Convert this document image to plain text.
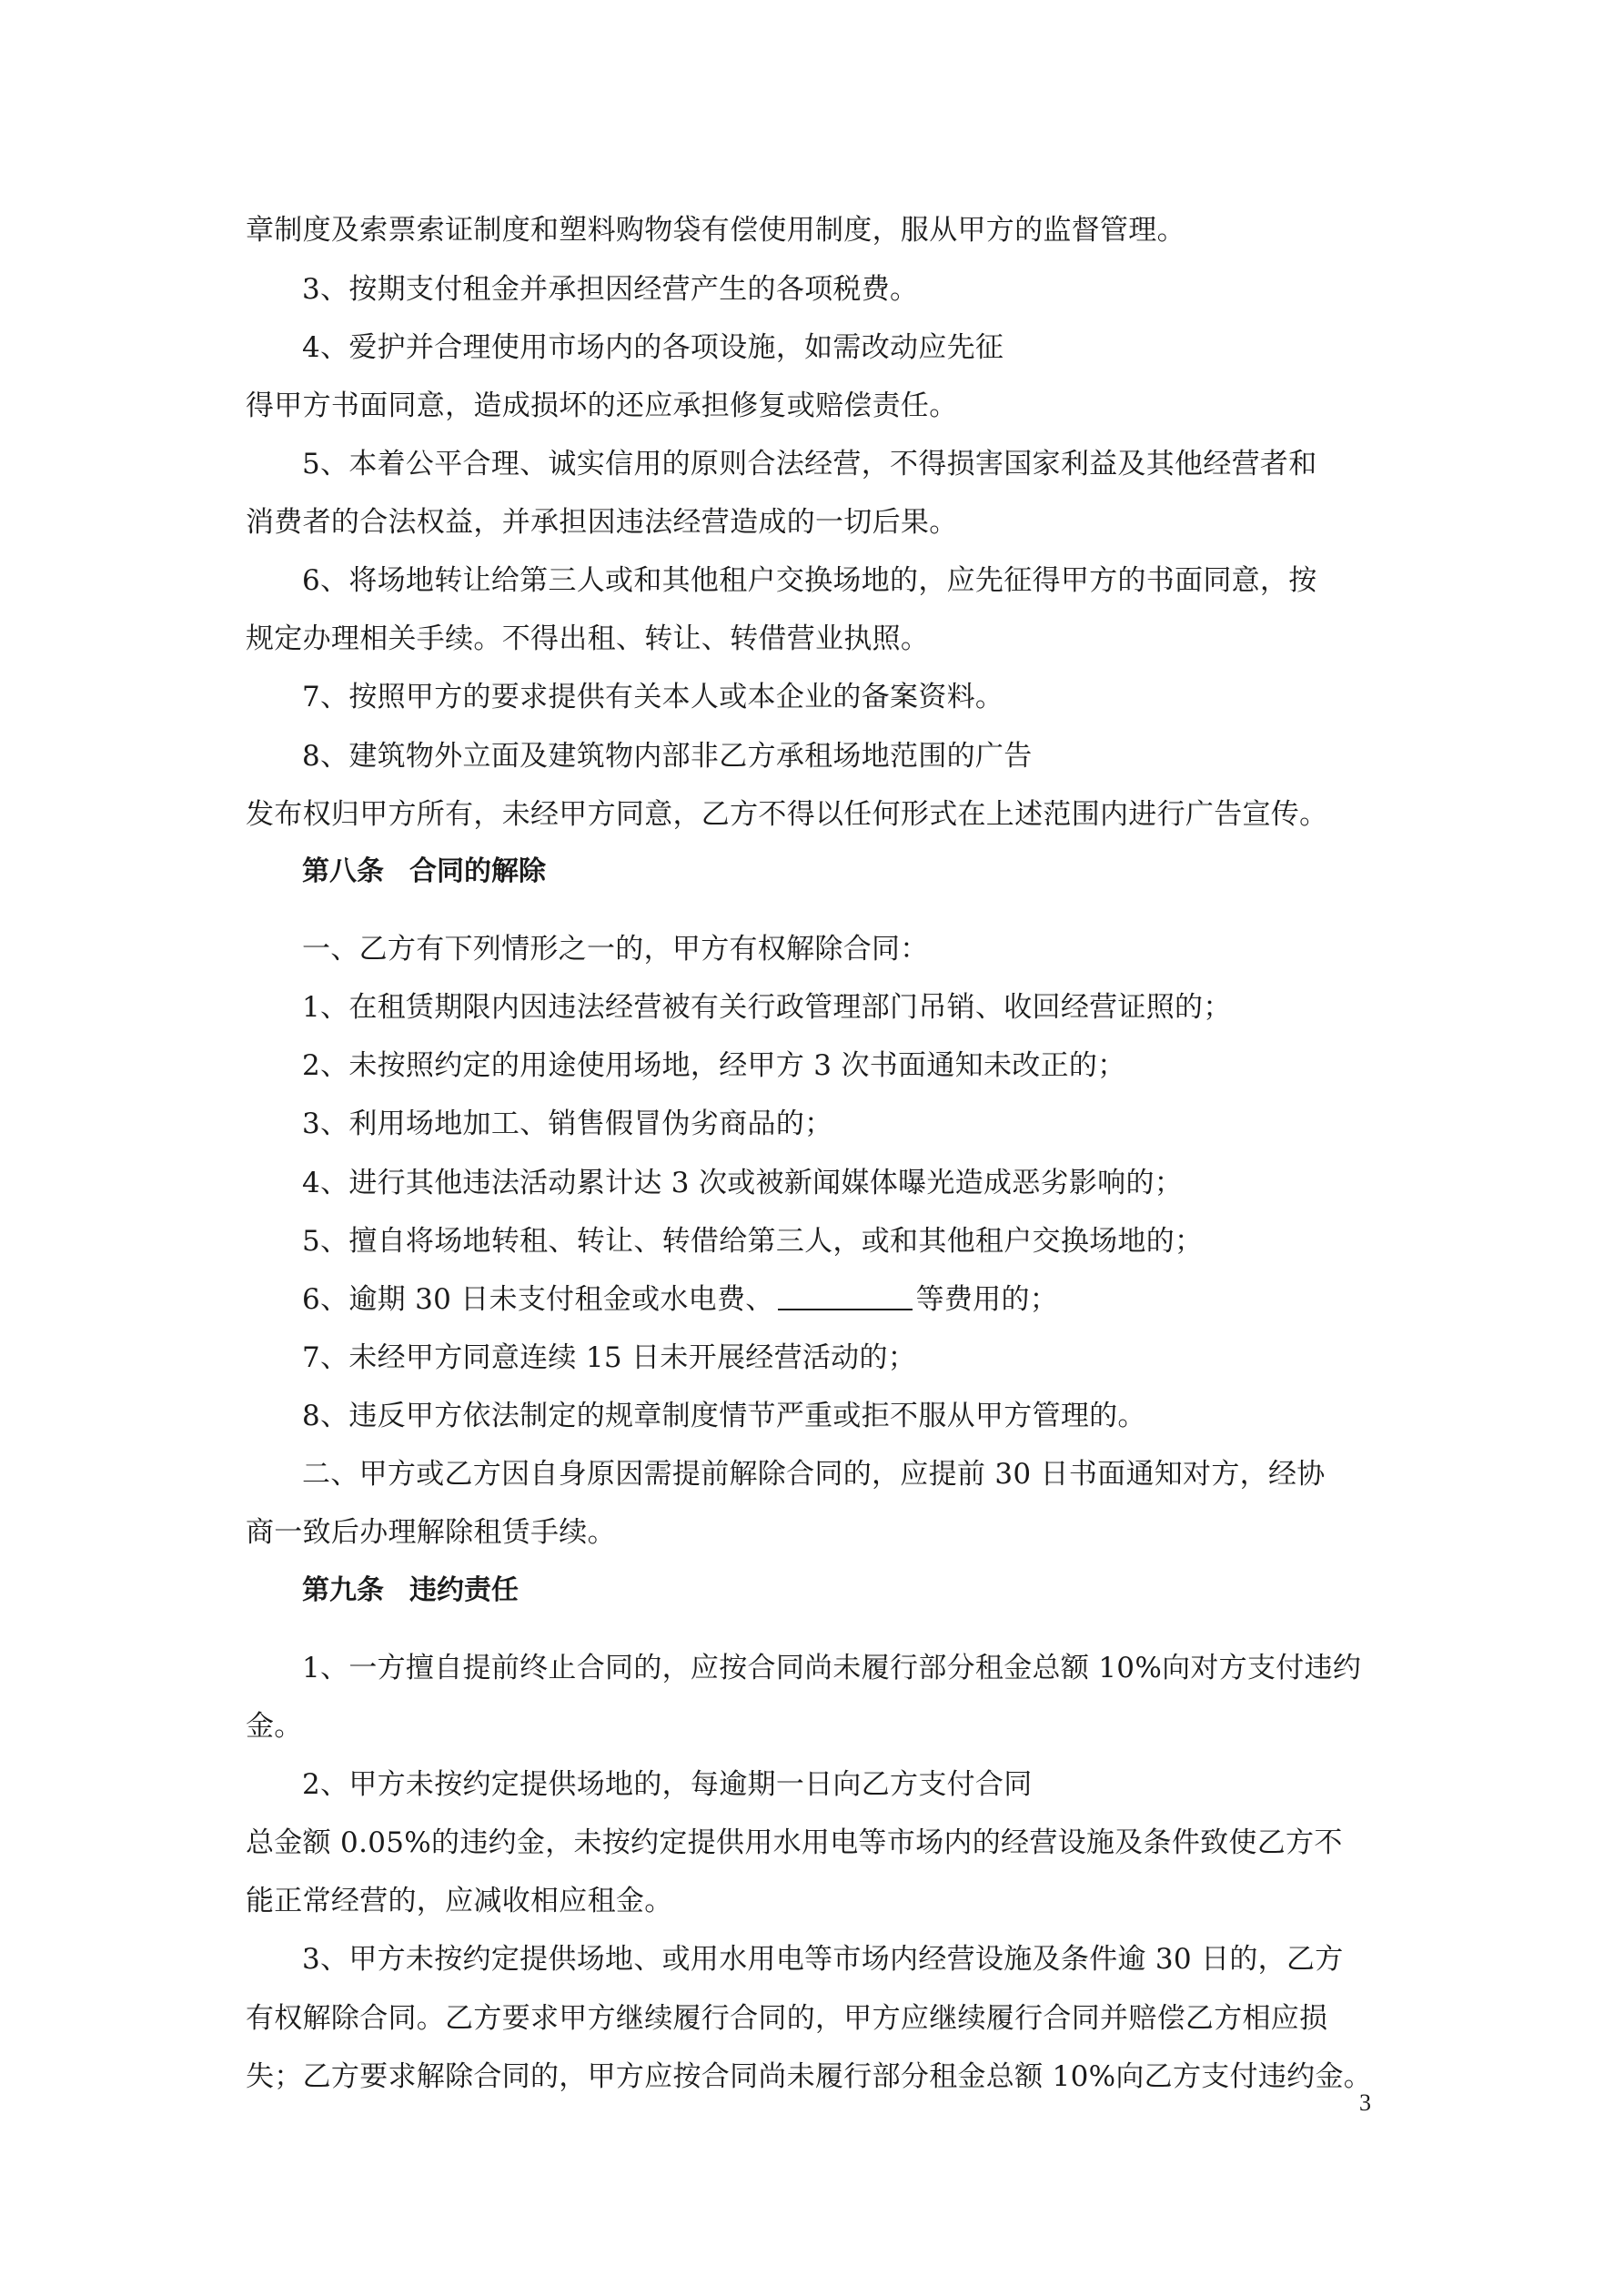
章制度及索票索证制度和塑料购物袋有偿使用制度，服从甲方的监督管理。
3、按期支付租金并承担因经营产生的各项税费。
4、爱护并合理使用市场内的各项设施，如需改动应先征
得甲方书面同意，造成损坏的还应承担修复或赔偿责任。
5、本着公平合理、诚实信用的原则合法经营，不得损害国家利益及其他经营者和
消费者的合法权益，并承担因违法经营造成的一切后果。
6、将场地转让给第三人或和其他租户交换场地的，应先征得甲方的书面同意，按
规定办理相关手续。不得出租、转让、转借营业执照。
7、按照甲方的要求提供有关本人或本企业的备案资料。
8、建筑物外立面及建筑物内部非乙方承租场地范围的广告
发布权归甲方所有，未经甲方同意，乙方不得以任何形式在上述范围内进行广告宣传。
第八条 合同的解除
一、乙方有下列情形之一的，甲方有权解除合同：
1、在租赁期限内因违法经营被有关行政管理部门吊销、收回经营证照的；
2、未按照约定的用途使用场地，经甲方 3 次书面通知未改正的；
3、利用场地加工、销售假冒伪劣商品的；
4、进行其他违法活动累计达 3 次或被新闻媒体曝光造成恶劣影响的；
5、擅自将场地转租、转让、转借给第三人，或和其他租户交换场地的；
6、逾期 30 日未支付租金或水电费、	等费用的；
7、未经甲方同意连续 15 日未开展经营活动的；
8、违反甲方依法制定的规章制度情节严重或拒不服从甲方管理的。
二、甲方或乙方因自身原因需提前解除合同的，应提前 30 日书面通知对方，经协
商一致后办理解除租赁手续。
第九条 违约责任
1、一方擅自提前终止合同的，应按合同尚未履行部分租金总额 10%向对方支付违约
金。
2、甲方未按约定提供场地的，每逾期一日向乙方支付合同
总金额 0.05%的违约金，未按约定提供用水用电等市场内的经营设施及条件致使乙方不
能正常经营的，应减收相应租金。
3、甲方未按约定提供场地、或用水用电等市场内经营设施及条件逾 30 日的，乙方
有权解除合同。乙方要求甲方继续履行合同的，甲方应继续履行合同并赔偿乙方相应损
失；乙方要求解除合同的，甲方应按合同尚未履行部分租金总额 10%向乙方支付违约金。
3
